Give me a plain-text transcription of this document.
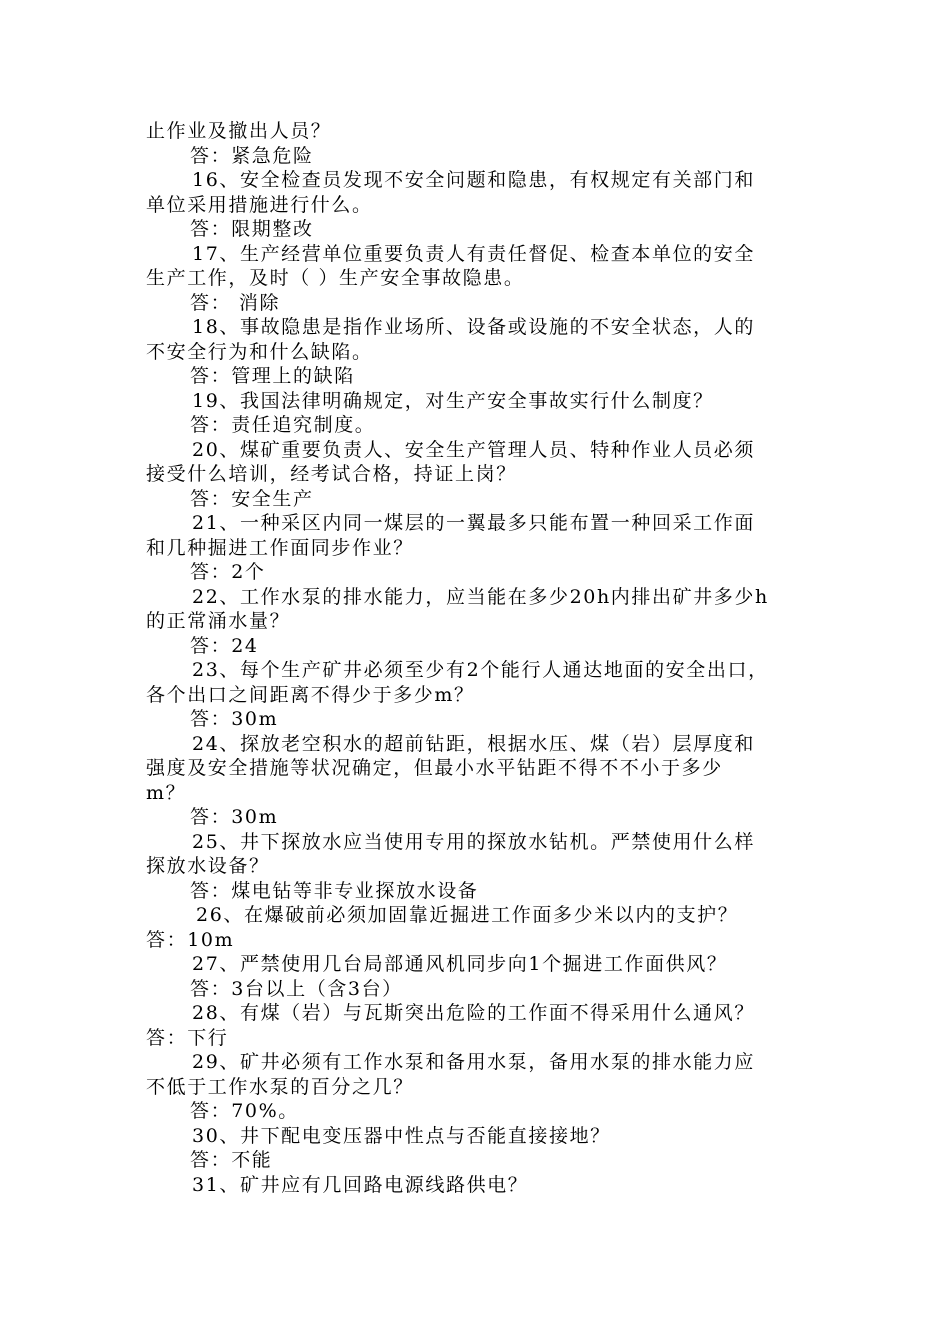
止作业及撤出人员？
答：紧急危险
16、安全检查员发现不安全问题和隐患，有权规定有关部门和
单位采用措施进行什么。
答：限期整改
17、生产经营单位重要负责人有责任督促、检查本单位的安全
生产工作，及时（ ）生产安全事故隐患。
答： 消除
18、事故隐患是指作业场所、设备或设施的不安全状态，人的
不安全行为和什么缺陷。
答：管理上的缺陷
19、我国法律明确规定，对生产安全事故实行什么制度？
答：责任追究制度。
20、煤矿重要负责人、安全生产管理人员、特种作业人员必须
接受什么培训，经考试合格，持证上岗？
答：安全生产
21、一种采区内同一煤层的一翼最多只能布置一种回采工作面
和几种掘进工作面同步作业？
答：2个
22、工作水泵的排水能力，应当能在多少20h内排出矿井多少h
的正常涌水量？
答：24
23、每个生产矿井必须至少有2个能行人通达地面的安全出口，
各个出口之间距离不得少于多少m？
答：30m
24、探放老空积水的超前钻距，根据水压、煤（岩）层厚度和
强度及安全措施等状况确定，但最小水平钻距不得不不小于多少
m？
答：30m
25、井下探放水应当使用专用的探放水钻机。严禁使用什么样
探放水设备？
答：煤电钻等非专业探放水设备
26、在爆破前必须加固靠近掘进工作面多少米以内的支护？
答：10m
27、严禁使用几台局部通风机同步向1个掘进工作面供风？
答：3台以上（含3台）
28、有煤（岩）与瓦斯突出危险的工作面不得采用什么通风？
答：下行
29、矿井必须有工作水泵和备用水泵，备用水泵的排水能力应
不低于工作水泵的百分之几？
答：70%。
30、井下配电变压器中性点与否能直接接地？
答：不能
31、矿井应有几回路电源线路供电？
